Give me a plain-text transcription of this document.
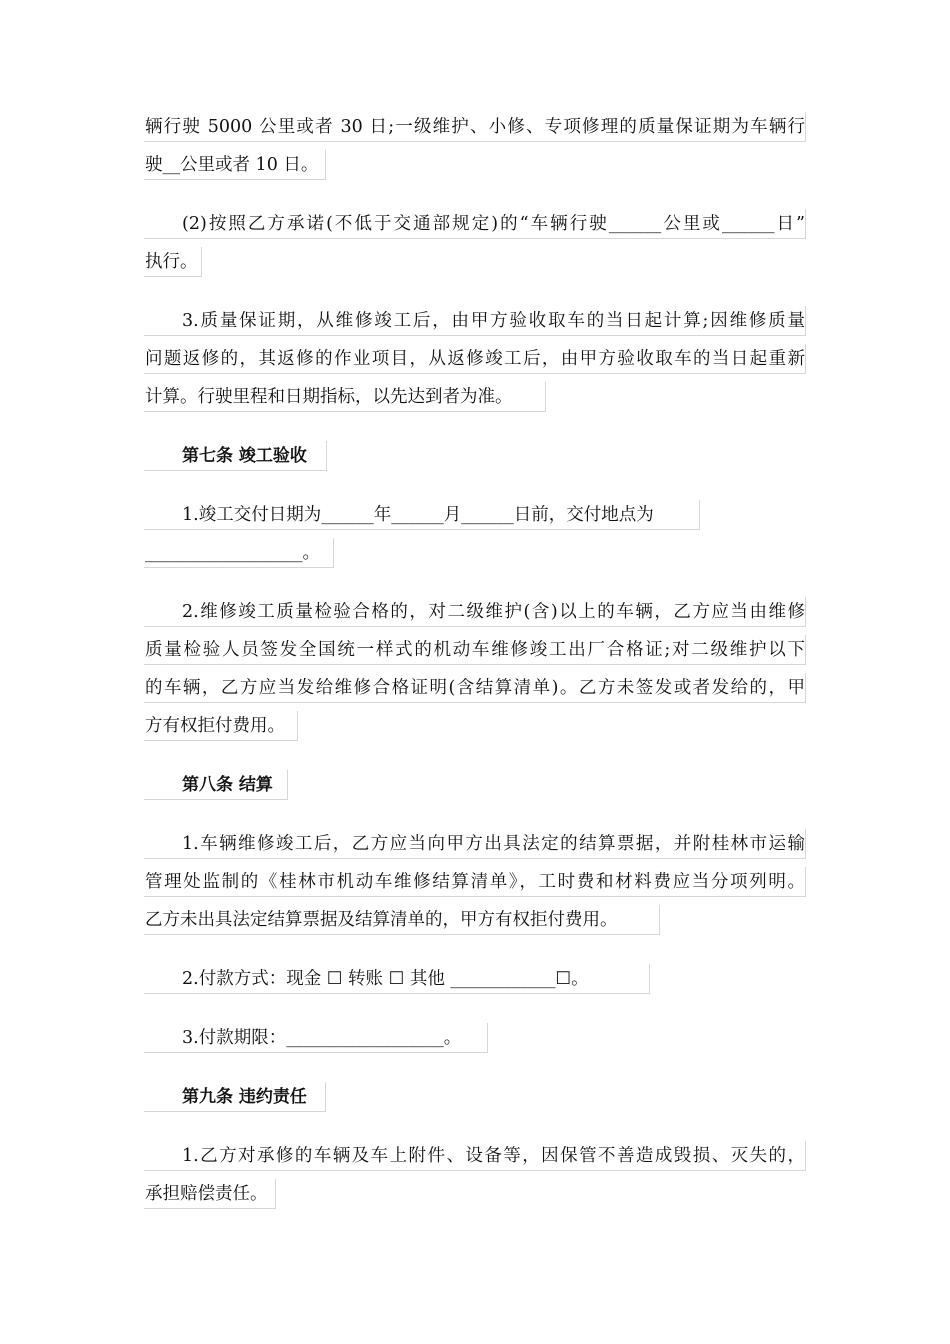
辆行驶 5000 公里或者 30 日;一级维护、小修、专项修理的质量保证期为车辆行
驶__公里或者 10 日。
(2)按照乙方承诺(不低于交通部规定)的“车辆行驶______公里或______日”
执行。
3.质量保证期，从维修竣工后，由甲方验收取车的当日起计算;因维修质量
问题返修的，其返修的作业项目，从返修竣工后，由甲方验收取车的当日起重新
计算。行驶里程和日期指标，以先达到者为准。
第七条 竣工验收
1.竣工交付日期为______年______月______日前，交付地点为
__________________。
2.维修竣工质量检验合格的，对二级维护(含)以上的车辆，乙方应当由维修
质量检验人员签发全国统一样式的机动车维修竣工出厂合格证;对二级维护以下
的车辆，乙方应当发给维修合格证明(含结算清单)。乙方未签发或者发给的，甲
方有权拒付费用。
第八条 结算
1.车辆维修竣工后，乙方应当向甲方出具法定的结算票据，并附桂林市运输
管理处监制的《桂林市机动车维修结算清单》，工时费和材料费应当分项列明。
乙方未出具法定结算票据及结算清单的，甲方有权拒付费用。
2.付款方式：现金 ☐ 转账 ☐ 其他 ____________☐。
3.付款期限：__________________。
第九条 违约责任
1.乙方对承修的车辆及车上附件、设备等，因保管不善造成毁损、灭失的，
承担赔偿责任。
